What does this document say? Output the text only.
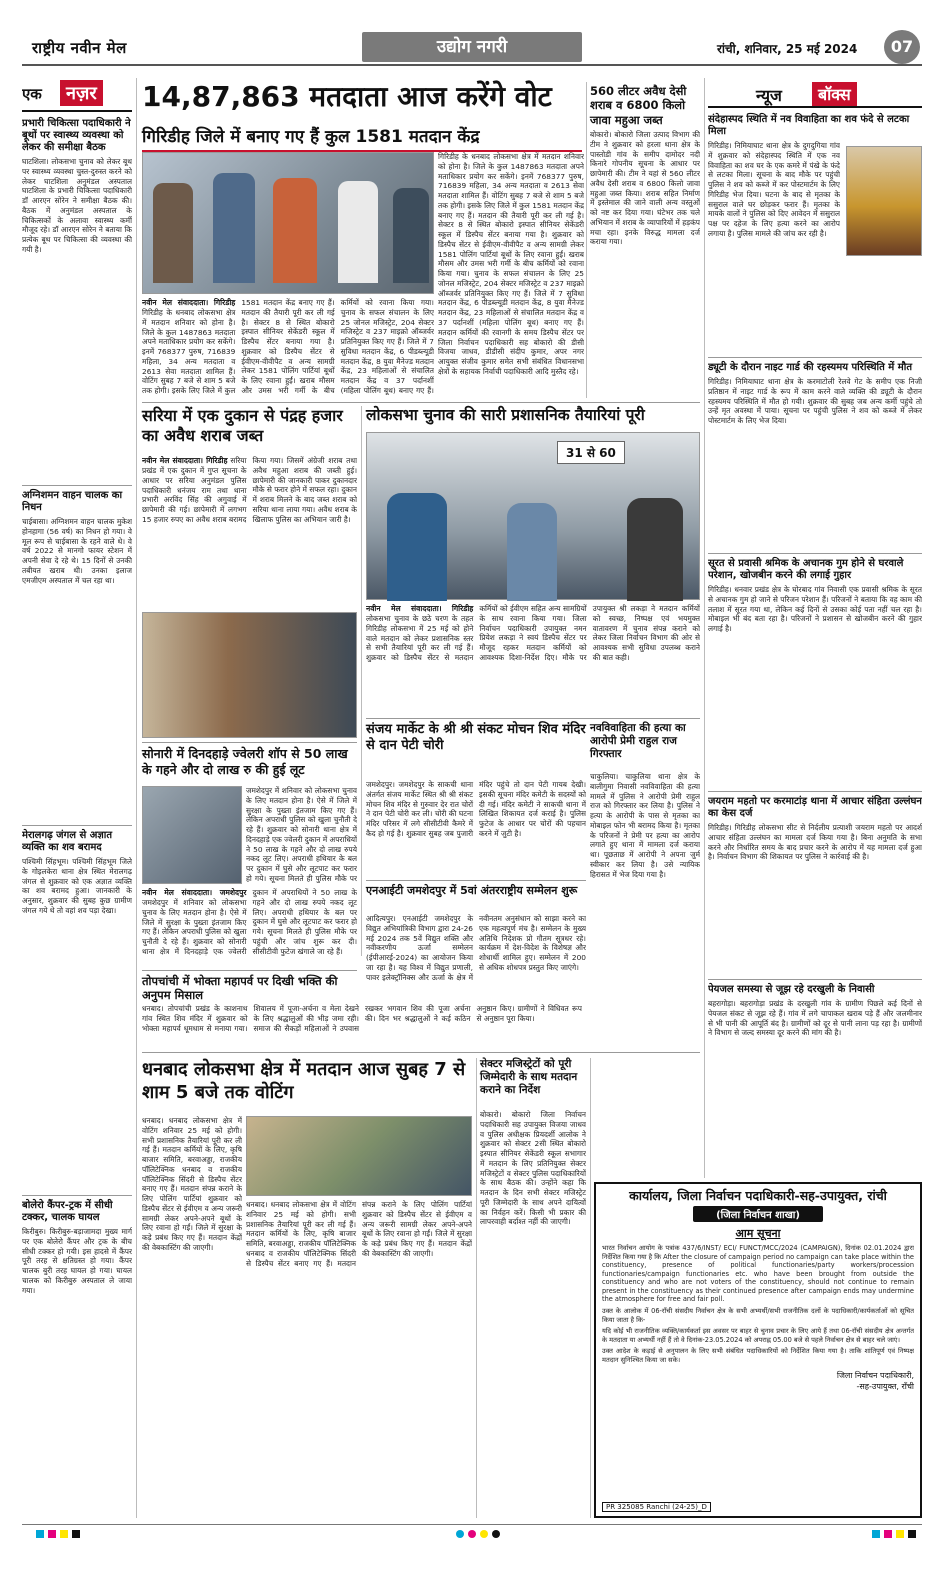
राष्ट्रीय नवीन मेल	उद्योग नगरी	रांची, शनिवार, 25 मई 2024	07
एक	नज़र
प्रभारी चिकित्सा पदाधिकारी ने बूथों पर स्वास्थ्य व्यवस्था को लेकर की समीक्षा बैठक
घाटशिला। लोकसभा चुनाव को लेकर बूथ पर स्वास्थ्य व्यवस्था चुस्त-दुरुस्त करने को लेकर घाटशिला अनुमंडल अस्पताल घाटशिला के प्रभारी चिकित्सा पदाधिकारी डॉ आरएन सोरेन ने समीक्षा बैठक की। बैठक में अनुमंडल अस्पताल के चिकित्सकों के अलावा स्वास्थ्य कर्मी मौजूद रहे। डॉ आरएन सोरेन ने बताया कि प्रत्येक बूथ पर चिकित्सा की व्यवस्था की गयी है।
अग्निशमन वाहन चालक का निधन
चाईबासा। अग्निशमन वाहन चालक मुकेश होनहागा (56 वर्ष) का निधन हो गया। वे मूल रूप से चाईबासा के रहने वाले थे। वे वर्ष 2022 से मानगो फायर स्टेशन में अपनी सेवा दे रहे थे। 15 दिनों से उनकी तबीयत खराब थी। उनका इलाज एमजीएम अस्पताल में चल रहा था।
मेरालगढ़ जंगल से अज्ञात व्यक्ति का शव बरामद
पश्चिमी सिंहभूम। पश्चिमी सिंहभूम जिले के गोइलकेरा थाना क्षेत्र स्थित मेरालगढ़ जंगल से शुक्रवार को एक अज्ञात व्यक्ति का शव बरामद हुआ। जानकारी के अनुसार, शुक्रवार की सुबह कुछ ग्रामीण जंगल गये थे तो वहां शव पड़ा देखा।
बोलेरो कैंपर-ट्रक में सीधी टक्कर, चालक घायल
किरीबुरु। किरीबुरु-बड़ाजामदा मुख्य मार्ग पर एक बोलेरो कैंपर और ट्रक के बीच सीधी टक्कर हो गयी। इस हादसे में कैंपर पूरी तरह से क्षतिग्रस्त हो गया। कैंपर चालक बुरी तरह घायल हो गया। घायल चालक को किरीबुरु अस्पताल ले जाया गया।
14,87,863 मतदाता आज करेंगे वोट
गिरिडीह जिले में बनाए गए हैं कुल 1581 मतदान केंद्र
नवीन मेल संवाददाता। गिरिडीह गिरिडीह के धनबाद लोकसभा क्षेत्र में मतदान शनिवार को होना है। जिले के कुल 1487863 मतदाता अपने मताधिकार प्रयोग कर सकेंगे। इनमें 768377 पुरुष, 716839 महिला, 34 अन्य मतदाता व 2613 सेवा मतदाता शामिल हैं। वोटिंग सुबह 7 बजे से शाम 5 बजे तक होगी। इसके लिए जिले में कुल 1581 मतदान केंद्र बनाए गए हैं। मतदान की तैयारी पूरी कर ली गई है। सेक्टर 8 से स्थित बोकारो इस्पात सीनियर सेकेंडरी स्कूल में डिस्पैच सेंटर बनाया गया है। शुक्रवार को डिस्पैच सेंटर से ईवीएम-वीवीपैट व अन्य सामग्री लेकर 1581 पोलिंग पार्टियां बूथों के लिए रवाना हुईं। खराब मौसम और उमस भरी गर्मी के बीच कर्मियों को रवाना किया गया। चुनाव के सफल संचालन के लिए 25 जोनल मजिस्ट्रेट, 204 सेक्टर मजिस्ट्रेट व 237 माइक्रो ऑब्जर्वर प्रतिनियुक्त किए गए हैं। जिले में 7 सुविधा मतदान केंद्र, 6 पीडब्ल्यूडी मतदान केंद्र, 8 युवा मैनेज्ड मतदान केंद्र, 23 महिलाओं से संचालित मतदान केंद्र व 37 पर्दानशीं (महिला पोलिंग बूथ) बनाए गए हैं।
गिरिडीह के धनबाद लोकसभा क्षेत्र में मतदान शनिवार को होना है। जिले के कुल 1487863 मतदाता अपने मताधिकार प्रयोग कर सकेंगे। इनमें 768377 पुरुष, 716839 महिला, 34 अन्य मतदाता व 2613 सेवा मतदाता शामिल हैं। वोटिंग सुबह 7 बजे से शाम 5 बजे तक होगी। इसके लिए जिले में कुल 1581 मतदान केंद्र बनाए गए हैं। मतदान की तैयारी पूरी कर ली गई है। सेक्टर 8 से स्थित बोकारो इस्पात सीनियर सेकेंडरी स्कूल में डिस्पैच सेंटर बनाया गया है। शुक्रवार को डिस्पैच सेंटर से ईवीएम-वीवीपैट व अन्य सामग्री लेकर 1581 पोलिंग पार्टियां बूथों के लिए रवाना हुईं। खराब मौसम और उमस भरी गर्मी के बीच कर्मियों को रवाना किया गया। चुनाव के सफल संचालन के लिए 25 जोनल मजिस्ट्रेट, 204 सेक्टर मजिस्ट्रेट व 237 माइक्रो ऑब्जर्वर प्रतिनियुक्त किए गए हैं। जिले में 7 सुविधा मतदान केंद्र, 6 पीडब्ल्यूडी मतदान केंद्र, 8 युवा मैनेज्ड मतदान केंद्र, 23 महिलाओं से संचालित मतदान केंद्र व 37 पर्दानशीं (महिला पोलिंग बूथ) बनाए गए हैं। मतदान कर्मियों की रवानगी के समय डिस्पैच सेंटर पर जिला निर्वाचन पदाधिकारी सह बोकारो की डीसी विजया जाधव, डीडीसी संदीप कुमार, अपर नगर आयुक्त संजीव कुमार समेत सभी संबंधित विधानसभा क्षेत्रों के सहायक निर्वाची पदाधिकारी आदि मुस्तैद रहे।
560 लीटर अवैध देसी शराब व 6800 किलो जावा महुआ जब्त
बोकारो। बोकारो जिला उत्पाद विभाग की टीम ने शुक्रवार को हरला थाना क्षेत्र के पास्तोडी गांव के समीप दामोदर नदी किनारे गोपनीय सूचना के आधार पर छापेमारी की। टीम ने यहां से 560 लीटर अवैध देसी शराब व 6800 किलो जावा महुआ जब्त किया। शराब सहित निर्माण में इस्तेमाल की जाने वाली अन्य वस्तुओं को नष्ट कर दिया गया। घंटेभर तक चले अभियान में शराब के व्यापारियों में हड़कंप मचा रहा। इनके विरुद्ध मामला दर्ज कराया गया।
न्यूज	बॉक्स
संदेहास्पद स्थिति में नव विवाहिता का शव फंदे से लटका मिला
गिरिडीह। निमियाघाट थाना क्षेत्र के दुगदुगिया गांव में शुक्रवार को संदेहास्पद स्थिति में एक नव विवाहिता का शव घर के एक कमरे में पंखे के फंदे से लटका मिला। सूचना के बाद मौके पर पहुंची पुलिस ने शव को कब्जे में कर पोस्टमार्टम के लिए गिरिडीह भेज दिया। घटना के बाद से मृतका के ससुराल वाले घर छोड़कर फरार हैं। मृतका के मायके वालों ने पुलिस को दिए आवेदन में ससुराल पक्ष पर दहेज के लिए हत्या करने का आरोप लगाया है। पुलिस मामले की जांच कर रही है।
ड्यूटी के दौरान नाइट गार्ड की रहस्यमय परिस्थिति में मौत
गिरिडीह। निमियाघाट थाना क्षेत्र के करमाटोली रेलवे गेट के समीप एक निजी प्रतिष्ठान में नाइट गार्ड के रूप में काम करने वाले व्यक्ति की ड्यूटी के दौरान रहस्यमय परिस्थिति में मौत हो गयी। शुक्रवार की सुबह जब अन्य कर्मी पहुंचे तो उन्हें मृत अवस्था में पाया। सूचना पर पहुंची पुलिस ने शव को कब्जे में लेकर पोस्टमार्टम के लिए भेज दिया।
सूरत से प्रवासी श्रमिक के अचानक गुम होने से घरवाले परेशान, खोजबीन करने की लगाई गुहार
गिरिडीह। धनवार प्रखंड क्षेत्र के घोरबाद गांव निवासी एक प्रवासी श्रमिक के सूरत से अचानक गुम हो जाने से परिजन परेशान हैं। परिजनों ने बताया कि वह काम की तलाश में सूरत गया था, लेकिन कई दिनों से उसका कोई पता नहीं चल रहा है। मोबाइल भी बंद बता रहा है। परिजनों ने प्रशासन से खोजबीन करने की गुहार लगाई है।
जयराम महतो पर करमाटांड़ थाना में आचार संहिता उल्लंघन का केस दर्ज
गिरिडीह। गिरिडीह लोकसभा सीट से निर्दलीय प्रत्याशी जयराम महतो पर आदर्श आचार संहिता उल्लंघन का मामला दर्ज किया गया है। बिना अनुमति के सभा करने और निर्धारित समय के बाद प्रचार करने के आरोप में यह मामला दर्ज हुआ है। निर्वाचन विभाग की शिकायत पर पुलिस ने कार्रवाई की है।
पेयजल समस्या से जूझ रहे दरखुली के निवासी
बहरागोड़ा। बहरागोड़ा प्रखंड के दरखुली गांव के ग्रामीण पिछले कई दिनों से पेयजल संकट से जूझ रहे हैं। गांव में लगे चापाकल खराब पड़े हैं और जलमीनार से भी पानी की आपूर्ति बंद है। ग्रामीणों को दूर से पानी लाना पड़ रहा है। ग्रामीणों ने विभाग से जल्द समस्या दूर करने की मांग की है।
सरिया में एक दुकान से पंद्रह हजार का अवैध शराब जब्त
नवीन मेल संवाददाता। गिरिडीह सरिया प्रखंड में एक दुकान में गुप्त सूचना के आधार पर सरिया अनुमंडल पुलिस पदाधिकारी धनंजय राम तथा थाना प्रभारी अरविंद सिंह की अगुवाई में छापेमारी की गई। छापेमारी में लगभग 15 हजार रुपए का अवैध शराब बरामद किया गया। जिसमें अंग्रेजी शराब तथा अवैध महुआ शराब की जब्ती हुई। छापेमारी की जानकारी पाकर दुकानदार मौके से फरार होने में सफल रहा। दुकान में शराब मिलने के बाद जब्त शराब को सरिया थाना लाया गया। अवैध शराब के खिलाफ पुलिस का अभियान जारी है।
लोकसभा चुनाव की सारी प्रशासनिक तैयारियां पूरी
31 से 60
नवीन मेल संवाददाता। गिरिडीह लोकसभा चुनाव के छठे चरण के तहत गिरिडीह लोकसभा में 25 मई को होने वाले मतदान को लेकर प्रशासनिक स्तर से सभी तैयारियां पूरी कर ली गई हैं। शुक्रवार को डिस्पैच सेंटर से मतदान कर्मियों को ईवीएम सहित अन्य सामग्रियों के साथ रवाना किया गया। जिला निर्वाचन पदाधिकारी उपायुक्त नमन प्रियेश लकड़ा ने स्वयं डिस्पैच सेंटर पर मौजूद रहकर मतदान कर्मियों को आवश्यक दिशा-निर्देश दिए। मौके पर उपायुक्त श्री लकड़ा ने मतदान कर्मियों को स्वच्छ, निष्पक्ष एवं भयमुक्त वातावरण में चुनाव संपन्न कराने को लेकर जिला निर्वाचन विभाग की ओर से आवश्यक सभी सुविधा उपलब्ध कराने की बात कही।
सोनारी में दिनदहाड़े ज्वेलरी शॉप से 50 लाख के गहने और दो लाख रु की हुई लूट
नवीन मेल संवाददाता। जमशेदपुर जमशेदपुर में शनिवार को लोकसभा चुनाव के लिए मतदान होना है। ऐसे में जिले में सुरक्षा के पुख्ता इंतजाम किए गए हैं। लेकिन अपराधी पुलिस को खुला चुनौती दे रहे हैं। शुक्रवार को सोनारी थाना क्षेत्र में दिनदहाड़े एक ज्वेलरी दुकान में अपराधियों ने 50 लाख के गहने और दो लाख रुपये नकद लूट लिए। अपराधी हथियार के बल पर दुकान में घुसे और लूटपाट कर फरार हो गये। सूचना मिलते ही पुलिस मौके पर पहुंची और जांच शुरू कर दी। सीसीटीवी फुटेज खंगाले जा रहे हैं।
जमशेदपुर में शनिवार को लोकसभा चुनाव के लिए मतदान होना है। ऐसे में जिले में सुरक्षा के पुख्ता इंतजाम किए गए हैं। लेकिन अपराधी पुलिस को खुला चुनौती दे रहे हैं। शुक्रवार को सोनारी थाना क्षेत्र में दिनदहाड़े एक ज्वेलरी दुकान में अपराधियों ने 50 लाख के गहने और दो लाख रुपये नकद लूट लिए। अपराधी हथियार के बल पर दुकान में घुसे और लूटपाट कर फरार हो गये। सूचना मिलते ही पुलिस मौके पर
संजय मार्केट के श्री श्री संकट मोचन शिव मंदिर से दान पेटी चोरी
जमशेदपुर। जमशेदपुर के साकची थाना अंतर्गत संजय मार्केट स्थित श्री श्री संकट मोचन शिव मंदिर से गुरुवार देर रात चोरों ने दान पेटी चोरी कर ली। चोरी की घटना मंदिर परिसर में लगे सीसीटीवी कैमरे में कैद हो गई है। शुक्रवार सुबह जब पुजारी मंदिर पहुंचे तो दान पेटी गायब देखी। इसकी सूचना मंदिर कमेटी के सदस्यों को दी गई। मंदिर कमेटी ने साकची थाना में लिखित शिकायत दर्ज कराई है। पुलिस फुटेज के आधार पर चोरों की पहचान करने में जुटी है।
नवविवाहिता की हत्या का आरोपी प्रेमी राहुल राज गिरफ्तार
चाकुलिया। चाकुलिया थाना क्षेत्र के बालीगुमा निवासी नवविवाहिता की हत्या मामले में पुलिस ने आरोपी प्रेमी राहुल राज को गिरफ्तार कर लिया है। पुलिस ने हत्या के आरोपी के पास से मृतका का मोबाइल फोन भी बरामद किया है। मृतका के परिजनों ने प्रेमी पर हत्या का आरोप लगाते हुए थाना में मामला दर्ज कराया था। पूछताछ में आरोपी ने अपना जुर्म स्वीकार कर लिया है। उसे न्यायिक हिरासत में भेज दिया गया है।
एनआईटी जमशेदपुर में 5वां अंतरराष्ट्रीय सम्मेलन शुरू
आदित्यपुर। एनआईटी जमशेदपुर के विद्युत अभियांत्रिकी विभाग द्वारा 24-26 मई 2024 तक 5वें विद्युत शक्ति और नवीकरणीय ऊर्जा सम्मेलन (ईपीआरई-2024) का आयोजन किया जा रहा है। यह विश्व में विद्युत प्रणाली, पावर इलेक्ट्रॉनिक्स और ऊर्जा के क्षेत्र में नवीनतम अनुसंधान को साझा करने का एक महत्वपूर्ण मंच है। सम्मेलन के मुख्य अतिथि निदेशक प्रो गौतम सूत्रधर रहे। कार्यक्रम में देश-विदेश के विशेषज्ञ और शोधार्थी शामिल हुए। सम्मेलन में 200 से अधिक शोधपत्र प्रस्तुत किए जाएंगे।
तोपचांची में भोक्ता महापर्व पर दिखी भक्ति की अनुपम मिसाल
धनबाद। तोपचांची प्रखंड के काशनाथ गांव स्थित शिव मंदिर में शुक्रवार को भोक्ता महापर्व धूमधाम से मनाया गया। शिवालय में पूजा-अर्चना व मेला देखने के लिए श्रद्धालुओं की भीड़ जमा रही। समाज की सैकड़ों महिलाओं ने उपवास रखकर भगवान शिव की पूजा अर्चना की। दिन भर श्रद्धालुओं ने कई कठिन अनुष्ठान किए। ग्रामीणों ने विधिवत रूप से अनुष्ठान पूरा किया।
धनबाद लोकसभा क्षेत्र में मतदान आज सुबह 7 से शाम 5 बजे तक वोटिंग
धनबाद। धनबाद लोकसभा क्षेत्र में वोटिंग शनिवार 25 मई को होगी। सभी प्रशासनिक तैयारियां पूरी कर ली गई हैं। मतदान कर्मियों के लिए, कृषि बाजार समिति, बरवाअड्डा, राजकीय पॉलिटेक्निक धनबाद व राजकीय पॉलिटेक्निक सिंदरी से डिस्पैच सेंटर बनाए गए हैं। मतदान संपन्न कराने के लिए पोलिंग पार्टियां शुक्रवार को डिस्पैच सेंटर से ईवीएम व अन्य जरूरी सामग्री लेकर अपने-अपने बूथों के लिए रवाना हो गईं। जिले में सुरक्षा के कड़े प्रबंध किए गए हैं। मतदान केंद्रों की वेबकास्टिंग की जाएगी।
धनबाद। धनबाद लोकसभा क्षेत्र में वोटिंग शनिवार 25 मई को होगी। सभी प्रशासनिक तैयारियां पूरी कर ली गई हैं। मतदान कर्मियों के लिए, कृषि बाजार समिति, बरवाअड्डा, राजकीय पॉलिटेक्निक धनबाद व राजकीय पॉलिटेक्निक सिंदरी से डिस्पैच सेंटर बनाए गए हैं। मतदान संपन्न कराने के लिए पोलिंग पार्टियां शुक्रवार को डिस्पैच सेंटर से ईवीएम व अन्य जरूरी सामग्री लेकर अपने-अपने बूथों के लिए रवाना हो गईं। जिले में सुरक्षा के कड़े प्रबंध किए गए हैं। मतदान केंद्रों की वेबकास्टिंग की जाएगी।
सेक्टर मजिस्ट्रेटों को पूरी जिम्मेदारी के साथ मतदान कराने का निर्देश
बोकारो। बोकारो जिला निर्वाचन पदाधिकारी सह उपायुक्त विजया जाधव व पुलिस अधीक्षक प्रियदर्शी आलोक ने शुक्रवार को सेक्टर 2सी स्थित बोकारो इस्पात सीनियर सेकेंडरी स्कूल सभागार में मतदान के लिए प्रतिनियुक्त सेक्टर मजिस्ट्रेटों व सेक्टर पुलिस पदाधिकारियों के साथ बैठक की। उन्होंने कहा कि मतदान के दिन सभी सेक्टर मजिस्ट्रेट पूरी जिम्मेदारी के साथ अपने दायित्वों का निर्वहन करें। किसी भी प्रकार की लापरवाही बर्दाश्त नहीं की जाएगी।
कार्यालय, जिला निर्वाचन पदाधिकारी-सह-उपायुक्त, रांची
(जिला निर्वाचन शाखा)
आम सूचना
भारत निर्वाचन आयोग के पत्रांक 437/6/INST/ ECI/ FUNCT/MCC/2024 (CAMPAIGN), दिनांक 02.01.2024 द्वारा निर्देशित किया गया है कि After the closure of campaign period no campaign can take place within the constituency, presence of political functionaries/party workers/procession functionaries/campaign functionaries etc. who have been brought from outside the constituency and who are not voters of the constituency, should not continue to remain present in the constituency as their continued presence after campaign ends may undermine the atmosphere for free and fair poll.
उक्त के आलोक में 06-राँची संसदीय निर्वाचन क्षेत्र के सभी अभ्यर्थी/सभी राजनीतिक दलों के पदाधिकारी/कार्यकर्ताओं को सूचित किया जाता है कि-
यदि कोई भी राजनीतिक व्यक्ति/कार्यकर्ता इस अवसर पर बाहर से चुनाव प्रचार के लिए आये हैं तथा 06-राँची संसदीय क्षेत्र अन्तर्गत के मतदाता या अभ्यर्थी नहीं हैं तो वे दिनांक-23.05.2024 को अपराह्न 05.00 बजे से पहले निर्वाचन क्षेत्र से बाहर चले जाएं।
उक्त आदेश के कड़ाई से अनुपालन के लिए सभी संबंधित पदाधिकारियों को निर्देशित किया गया है। ताकि शांतिपूर्ण एवं निष्पक्ष मतदान सुनिश्चित किया जा सके।
जिला निर्वाचन पदाधिकारी,
-सह-उपायुक्त, राँची
PR 325085 Ranchi (24-25)_D
